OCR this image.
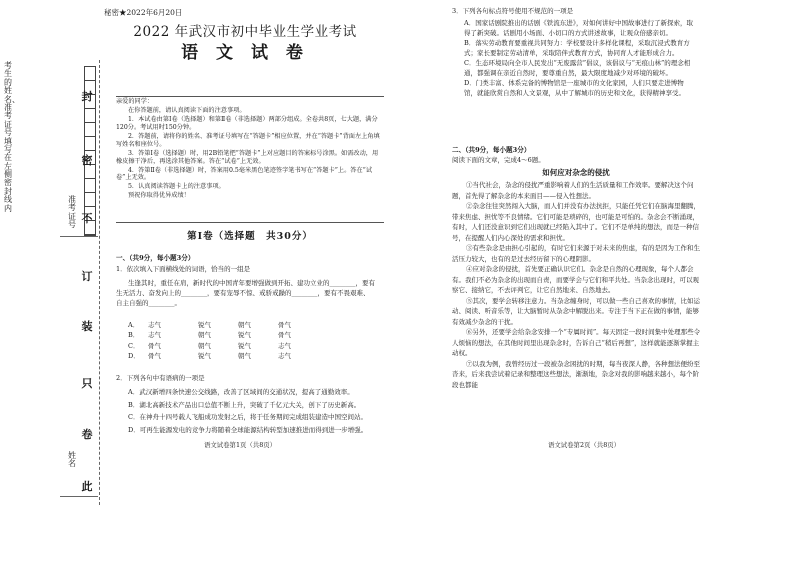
考生的姓名、准考证号填写在左侧密封线内
准考证号
姓名
封
密
不
订
装
只
卷
此
秘密★2022年6月20日
2022 年武汉市初中毕业生学业考试
语 文 试 卷

亲爱的同学：

在你答题前，请认真阅读下面的注意事项。

1．本试卷由第Ⅰ卷（选择题）和第Ⅱ卷（非选择题）两部分组成。全卷共8页，七大题，满分120分。考试用时150分钟。

2．答题前，请将你的姓名、准考证号填写在“答题卡”相应位置，并在“答题卡”背面左上角填写姓名和座位号。

3．答第Ⅰ卷（选择题）时，用2B铅笔把“答题卡”上对应题目的答案标号涂黑。如需改动，用橡皮擦干净后，再选涂其他答案。答在“试卷”上无效。

4．答第Ⅱ卷（非选择题）时，答案用0.5毫米黑色笔迹签字笔书写在“答题卡”上。答在“试卷”上无效。

5．认真阅读答题卡上的注意事项。

预祝你取得优异成绩！

第Ⅰ卷（选择题　共30分）
一、（共9分，每小题3分）
1．依次填入下面横线处的词语，恰当的一组是
生逢其时，重任在肩，新时代的中国青年要增强做到开拓、建功立业的________，要有
生无活力、奋发向上的________，要有宠辱不惊、戒骄戒躁的________，要有不畏艰难、
自主自强的________。
A．	志气	锐气	朝气	骨气
B．	志气	朝气	锐气	骨气
C．	骨气	朝气	锐气	志气
D．	骨气	锐气	朝气	志气
2．下列各句中有语病的一项是
A．武汉新增四条快速公交线路，改善了区域间的交通状况，提高了通勤效率。
B．湖北高新技术产品出口总值不断上升，突破了千亿元大关，创下了历史新高。
C．在神舟十四号载人飞船成功发射之后，将于任务期间完成组装建造中国空间站。
D．可再生能源发电的竞争力将随着全球能源结构转型加速推进而得到进一步增强。
语文试卷第1页（共8页）
3．下列各句标点符号使用不规范的一项是
A．国家话剧院推出的话剧《铁流东进》，对如何讲好中国故事进行了新探索，取得了新突破。话剧用小场面、小切口的方式讲述故事，让观众倍感亲切。
B．落实劳动教育要重视共同努力：学校要设计多样化课程，采取沉浸式教育方式；家长要制定劳动清单，采取陪伴式教育方式，协同育人才能形成合力。
C．生态环境局向全市人民发出“无废露营”倡议，该倡议与“无痕山林”的理念相通，都强调在亲近自然时，要尊重自然，最大限度地减少对环境的破坏。
D．门类丰富、体系完备的博物馆是一座城市的文化家园，人们只要走进博物馆，就能欣赏自然和人文景观，从中了解城市的历史和文化，获得精神享受。
二、（共9分，每小题3分）
阅读下面的文章，完成4～6题。
如何应对杂念的侵扰

①当代社会，杂念的侵扰严重影响着人们的生活质量和工作效率。要解决这个问题，首先得了解杂念的本来面目——侵入性想法。

②杂念往往突然闯入大脑，而人们并没有办法抗拒，只能任凭它们在脑海里翻腾，带来焦虑、担忧等不良情绪。它们可能是琐碎的，也可能是可怕的。杂念会不断涌现，有时，人们还没意识到它们出现就已经陷入其中了。它们不是单纯的想法，而是一种信号，在提醒人们内心深处的需求和担忧。

③有些杂念是由担心引起的，有时它们来源于对未来的焦虑，有的是因为工作和生活压力较大，也有的是过去经历留下的心理阴影。

④应对杂念的侵扰，首先要正确认识它们。杂念是自然的心理现象，每个人都会有。我们不必为杂念的出现而自责，而要学会与它们和平共处。当杂念出现时，可以观察它、接纳它，不去评判它，让它自然地来、自然地去。

⑤其次，要学会转移注意力。当杂念缠身时，可以做一些自己喜欢的事情，比如运动、阅读、听音乐等，让大脑暂时从杂念中解脱出来。专注于当下正在做的事情，能够有效减少杂念的干扰。

⑥另外，还要学会给杂念安排一个“专属时间”。每天固定一段时间集中处理那些令人烦恼的想法，在其他时间里出现杂念时，告诉自己“稍后再想”，这样就能逐渐掌握主动权。

⑦以我为例，我曾经历过一段被杂念困扰的时期，每当夜深人静，各种想法便纷至沓来，后来我尝试着记录和整理这些想法，渐渐地，杂念对我的影响越来越小，每个阶段也都能

语文试卷第2页（共8页）
